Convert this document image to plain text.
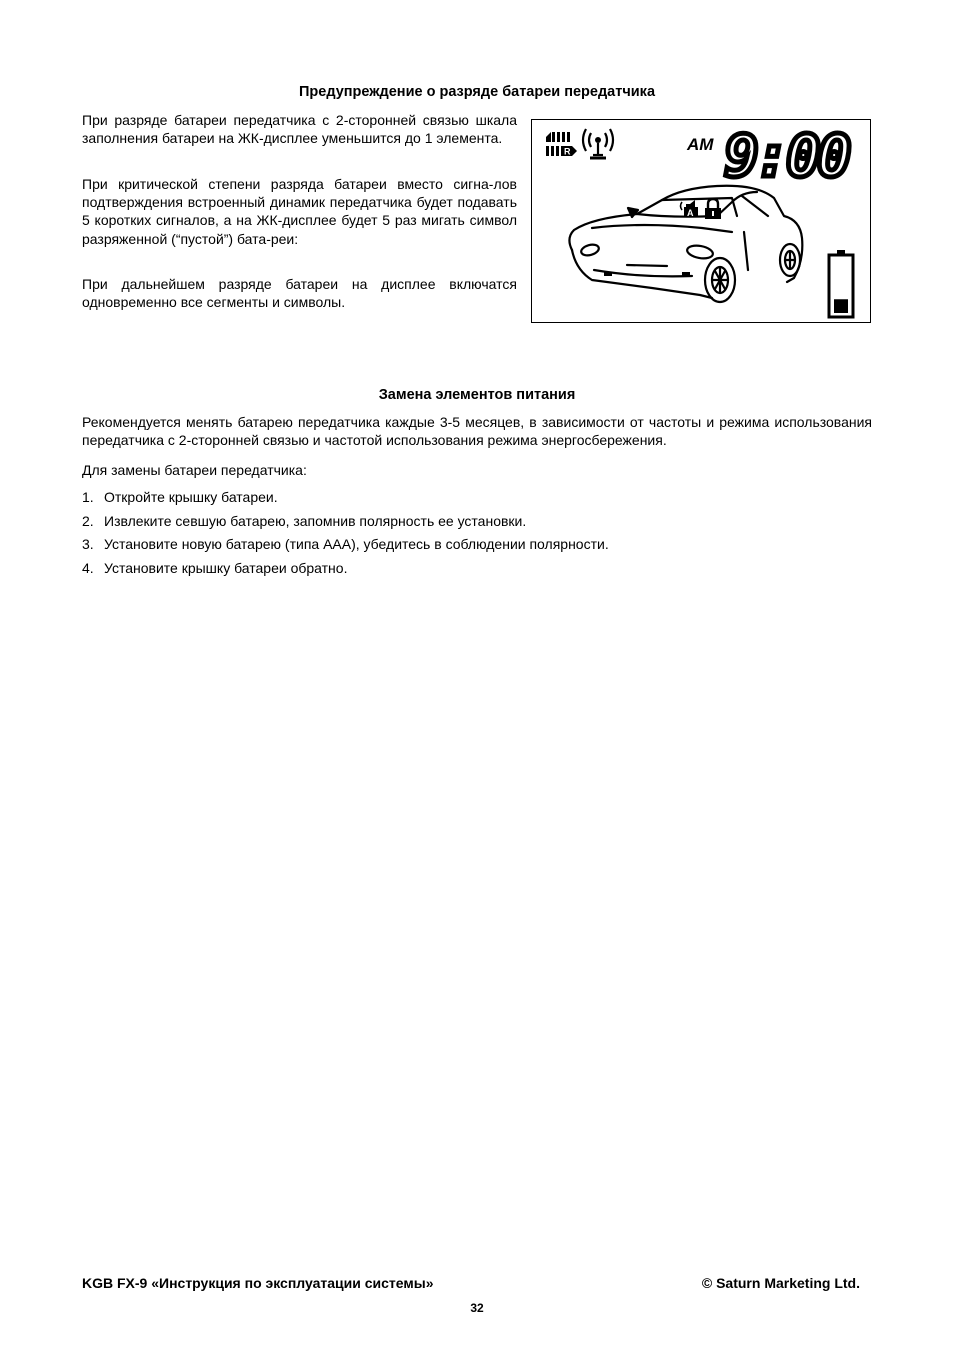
Предупреждение о разряде батареи передатчика

При разряде батареи передатчика с 2-сторонней связью шкала заполнения батареи на ЖК-дисплее уменьшится до 1 элемента.

При критической степени разряда батареи вместо сигна-лов подтверждения встроенный динамик передатчика будет подавать 5 коротких сигналов, а на ЖК-дисплее будет 5 раз мигать символ разряженной (“пустой”) бата-реи:

При дальнейшем разряде батареи на дисплее включатся одновременно все сегменты и символы.

R	AM 9:00
A
Замена элементов питания

Рекомендуется менять батарею передатчика каждые 3-5 месяцев, в зависимости от частоты и режима использования передатчика с 2-сторонней связью и частотой использования режима энергосбережения.

Для замены батареи передатчика:

1. Откройте крышку батареи.
2. Извлеките севшую батарею, запомнив полярность ее установки.
3. Установите новую батарею (типа AAA), убедитесь в соблюдении полярности.
4. Установите крышку батареи обратно.
KGB FX-9 «Инструкция по эксплуатации системы»	© Saturn Marketing Ltd.
32
